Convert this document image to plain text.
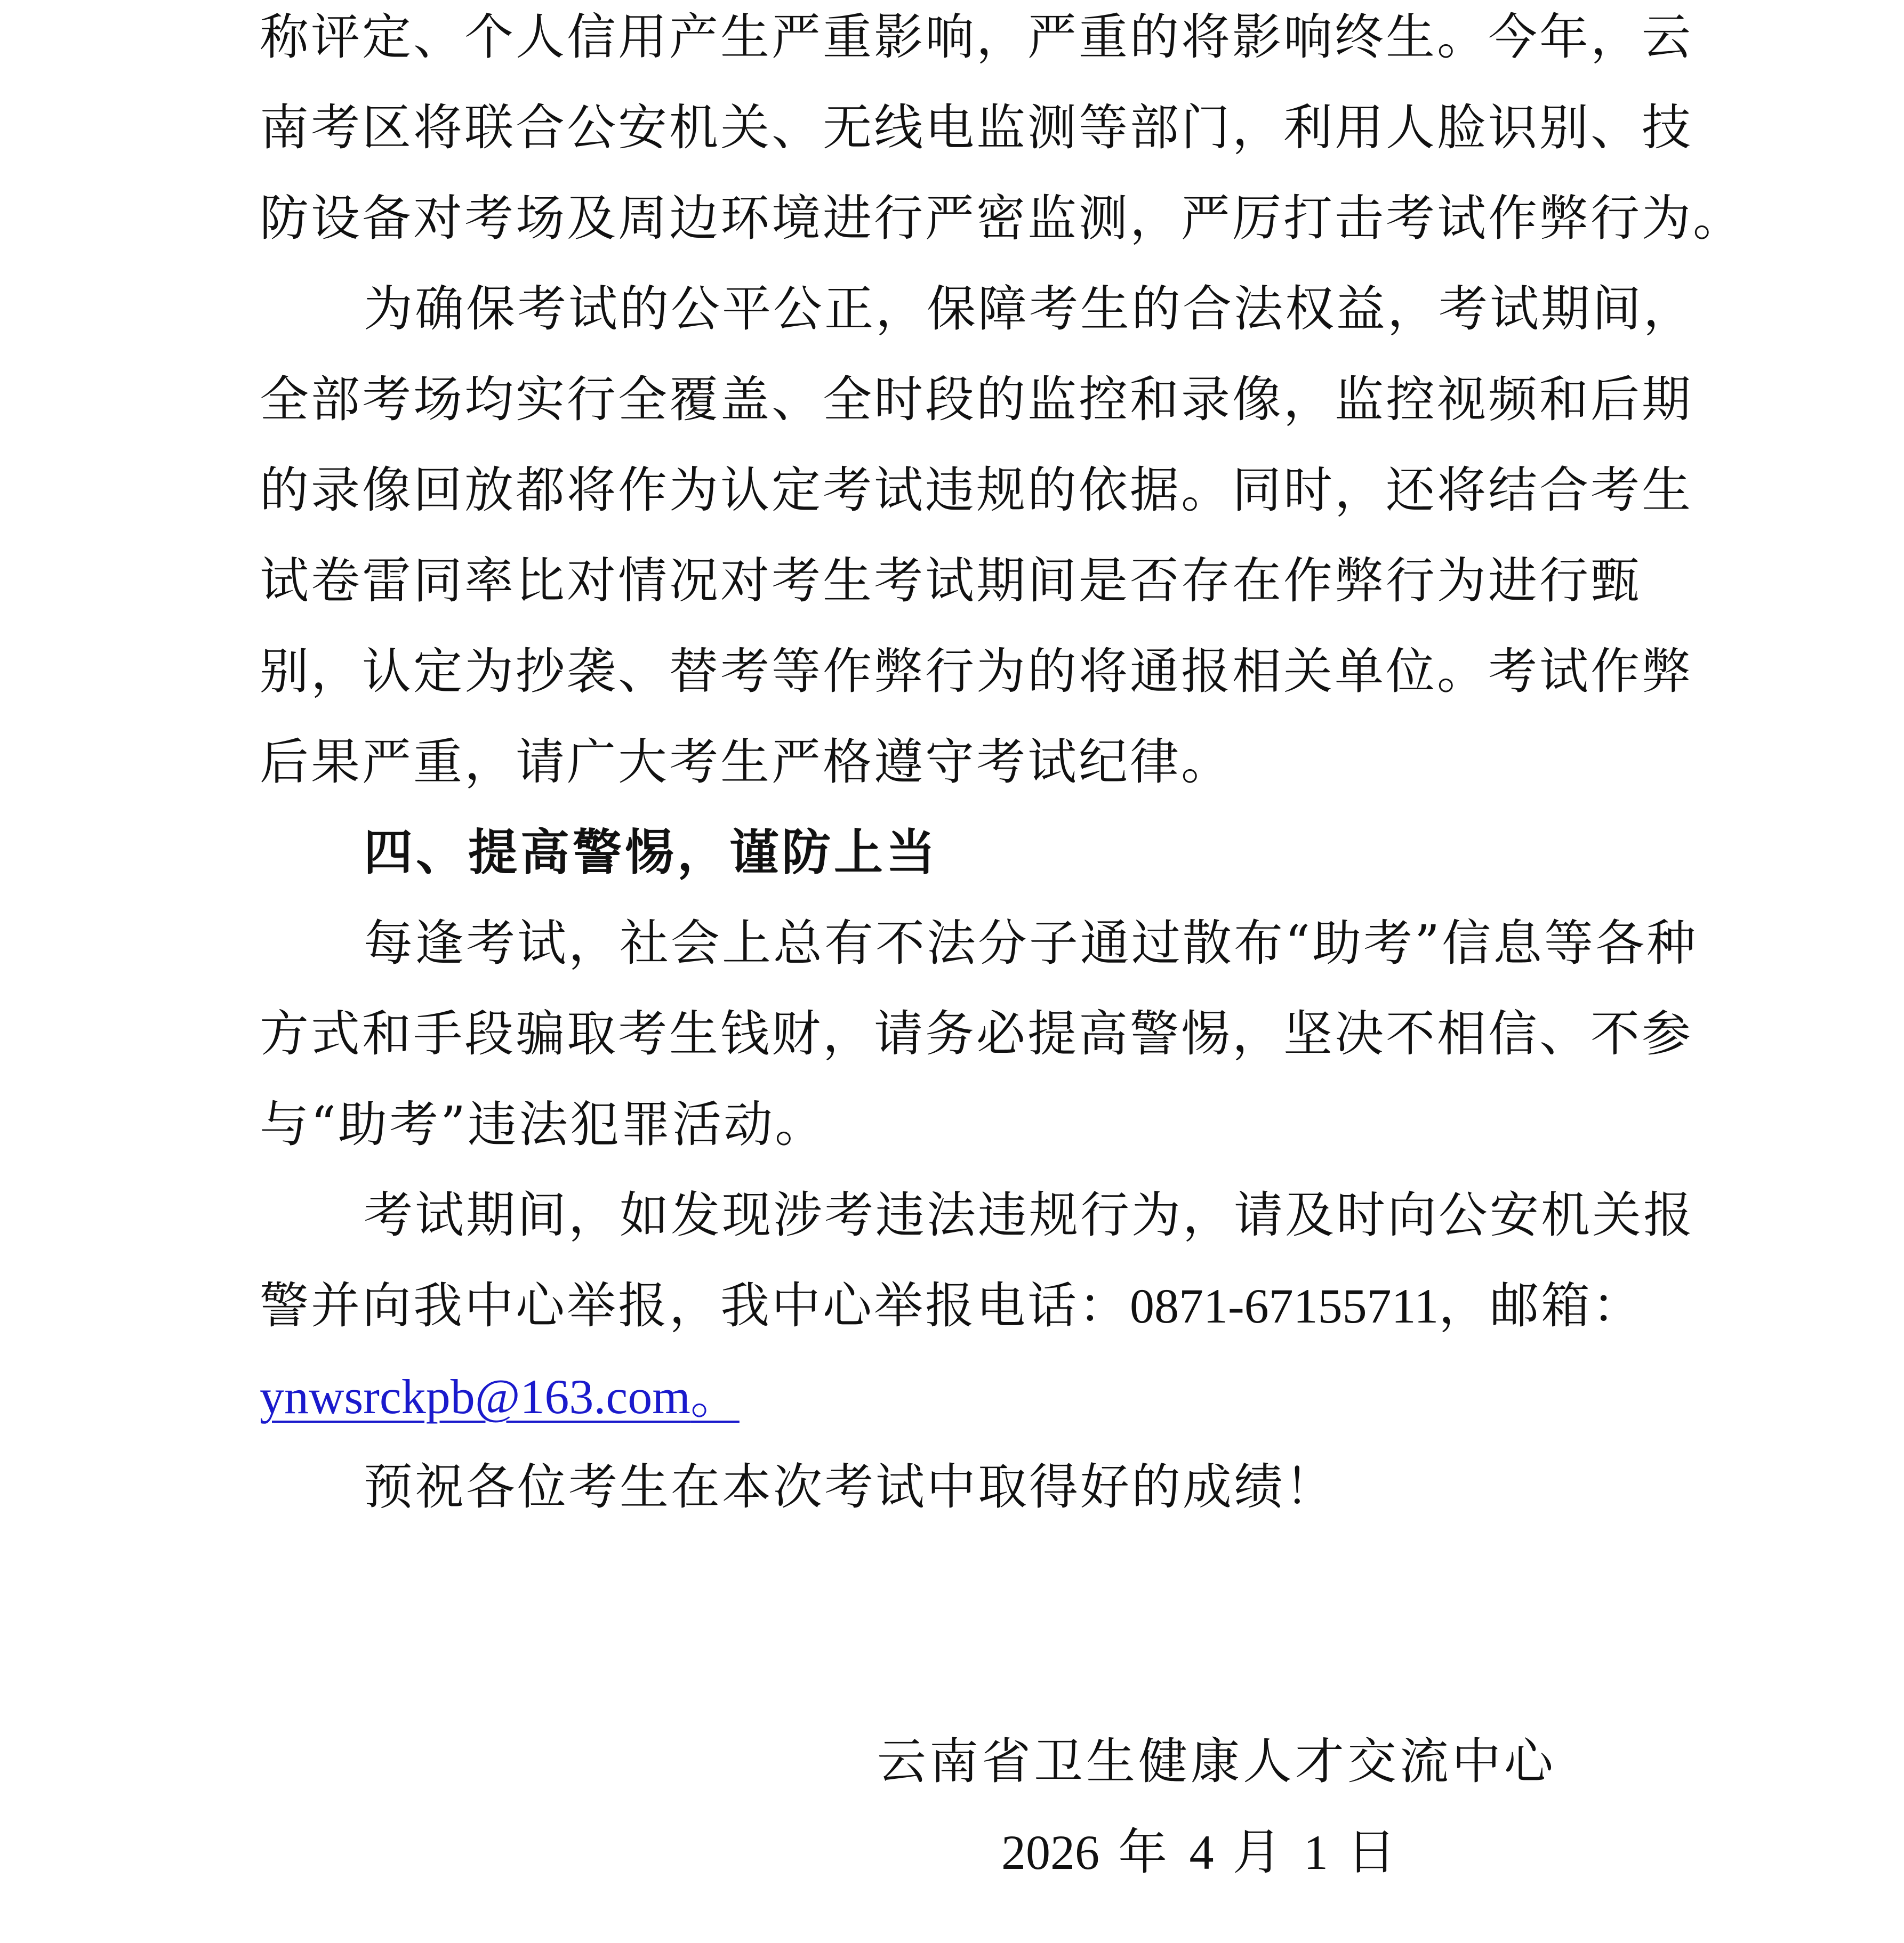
称评定、个人信用产生严重影响，严重的将影响终生。今年，云
南考区将联合公安机关、无线电监测等部门，利用人脸识别、技
防设备对考场及周边环境进行严密监测，严厉打击考试作弊行为。
为确保考试的公平公正，保障考生的合法权益，考试期间，
全部考场均实行全覆盖、全时段的监控和录像，监控视频和后期
的录像回放都将作为认定考试违规的依据。同时，还将结合考生
试卷雷同率比对情况对考生考试期间是否存在作弊行为进行甄
别，认定为抄袭、替考等作弊行为的将通报相关单位。考试作弊
后果严重，请广大考生严格遵守考试纪律。
四、提高警惕，谨防上当
每逢考试，社会上总有不法分子通过散布“助考”信息等各种
方式和手段骗取考生钱财，请务必提高警惕，坚决不相信、不参
与“助考”违法犯罪活动。
考试期间，如发现涉考违法违规行为，请及时向公安机关报
警并向我中心举报，我中心举报电话：0871-67155711，邮箱：
ynwsrckpb@163.com。
预祝各位考生在本次考试中取得好的成绩！
云南省卫生健康人才交流中心
2026 年 4 月 1 日
